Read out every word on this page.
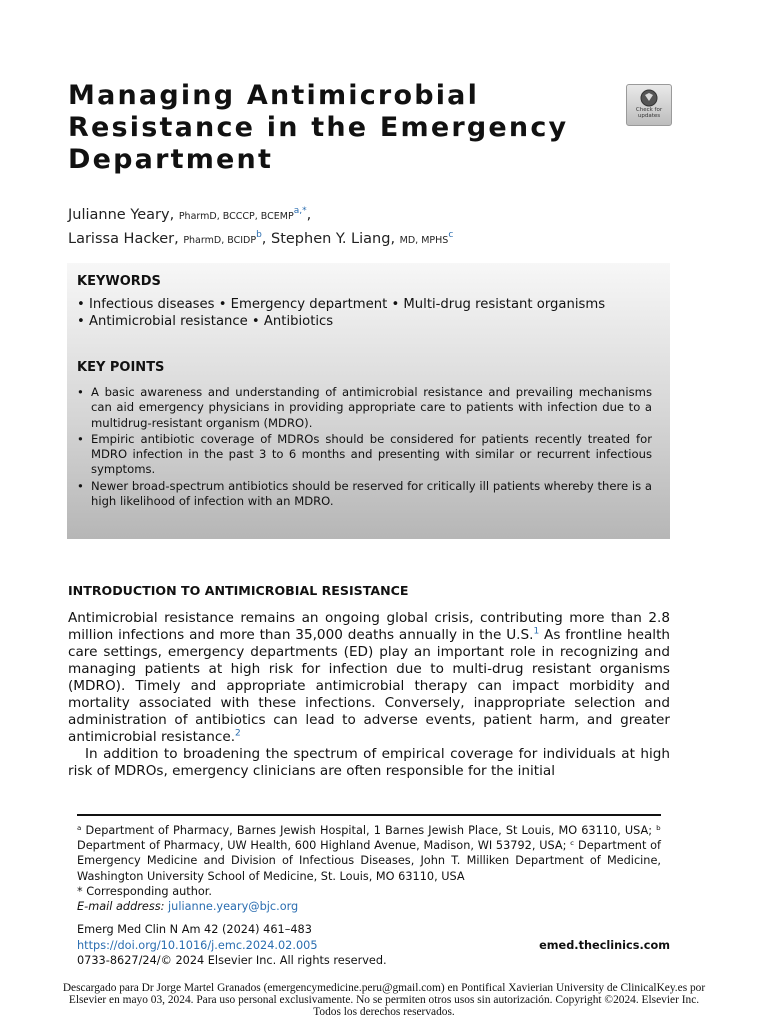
Managing Antimicrobial Resistance in the Emergency Department
Check for
updates
Julianne Yeary, PharmD, BCCCP, BCEMP$^{a,*}$,
Larissa Hacker, PharmD, BCIDP$^b$, Stephen Y. Liang, MD, MPHS$^c$
KEYWORDS
• Infectious diseases • Emergency department • Multi-drug resistant organisms
• Antimicrobial resistance • Antibiotics
KEY POINTS
• A basic awareness and understanding of antimicrobial resistance and prevailing mechanisms can aid emergency physicians in providing appropriate care to patients with infection due to a multidrug-resistant organism (MDRO).
• Empiric antibiotic coverage of MDROs should be considered for patients recently treated for MDRO infection in the past 3 to 6 months and presenting with similar or recurrent infectious symptoms.
• Newer broad-spectrum antibiotics should be reserved for critically ill patients whereby there is a high likelihood of infection with an MDRO.
INTRODUCTION TO ANTIMICROBIAL RESISTANCE

Antimicrobial resistance remains an ongoing global crisis, contributing more than 2.8 million infections and more than 35,000 deaths annually in the U.S.$^1$ As frontline health care settings, emergency departments (ED) play an important role in recognizing and managing patients at high risk for infection due to multi-drug resistant organisms (MDRO). Timely and appropriate antimicrobial therapy can impact morbidity and mortality associated with these infections. Conversely, inappropriate selection and administration of antibiotics can lead to adverse events, patient harm, and greater antimicrobial resistance.$^2$

In addition to broadening the spectrum of empirical coverage for individuals at high risk of MDROs, emergency clinicians are often responsible for the initial

ᵃ Department of Pharmacy, Barnes Jewish Hospital, 1 Barnes Jewish Place, St Louis, MO 63110, USA; ᵇ Department of Pharmacy, UW Health, 600 Highland Avenue, Madison, WI 53792, USA; ᶜ Department of Emergency Medicine and Division of Infectious Diseases, John T. Milliken Department of Medicine, Washington University School of Medicine, St. Louis, MO 63110, USA

* Corresponding author.

E-mail address: julianne.yeary@bjc.org

Emerg Med Clin N Am 42 (2024) 461–483

https://doi.org/10.1016/j.emc.2024.02.005	emed.theclinics.com

0733-8627/24/© 2024 Elsevier Inc. All rights reserved.

Descargado para Dr Jorge Martel Granados (emergencymedicine.peru@gmail.com) en Pontifical Xavierian University de ClinicalKey.es por Elsevier en mayo 03, 2024. Para uso personal exclusivamente. No se permiten otros usos sin autorización. Copyright ©2024. Elsevier Inc. Todos los derechos reservados.
